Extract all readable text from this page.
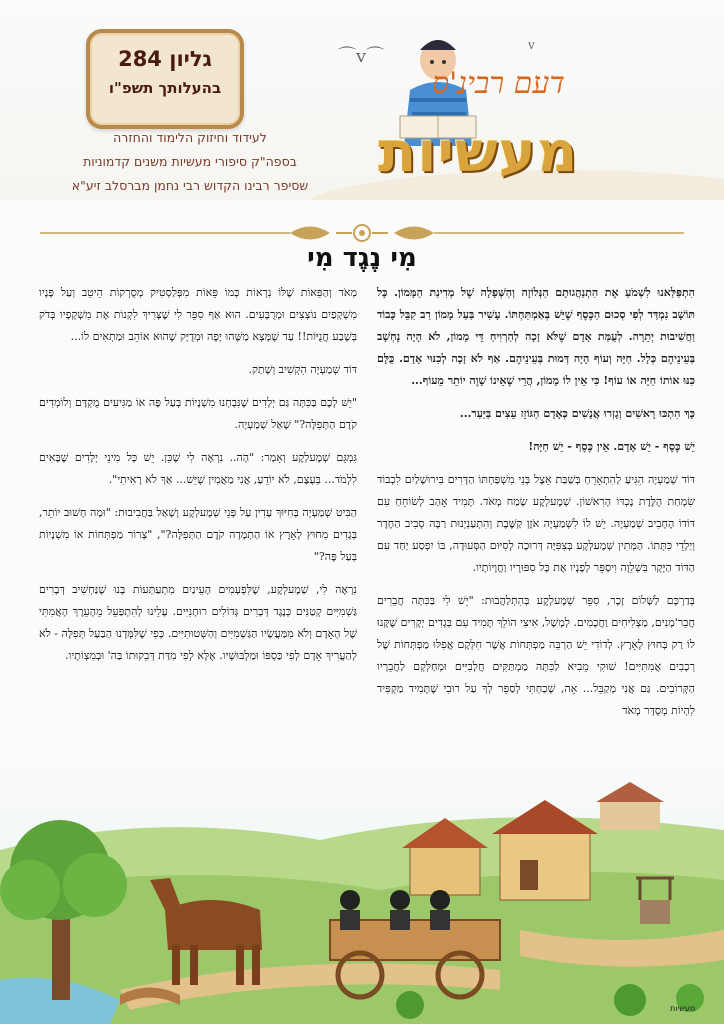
גליון 284
בהעלותך תשפ"ו
לעידוד וחיזוק הלימוד והחזרה
בספה"ק סיפורי מעשיות משנים קדמוניות
שסיפר רבינו הקדוש רבי נחמן מברסלב זיע"א
⌒v⌒
v
דעם רבינ'ס
מעשיות
מִי נֶגֶד מִי

הִתְפַּלַּאנוּ לִשְׁמֹעַ אֶת הִתְנַהֲגוּתָם הַנְּלוֹזָה וְהַשְּׁפָלָה שֶׁל מְדִינַת הַמָּמוֹן. כָּל תּוֹשָׁב נִמְדַּד לְפִי סְכוּם הַכֶּסֶף שֶׁיֵּשׁ בְּאַמְתַּחְתּוֹ. עָשִׁיר בַּעַל מָמוֹן רַב קִבֵּל כָּבוֹד וַחֲשִׁיבוּת יְתֵרָה. לְעֻמַּת אָדָם שֶׁלֹּא זָכָה לְהַרְוִיחַ דֵּי מָמוֹן, לֹא הָיָה נֶחְשָׁב בְּעֵינֵיהֶם כְּלָל. חַיָּה וְעוֹף הָיָה דְּמוּת בְּעֵינֵיהֶם. אַף לֹא זָכָה לְכִנּוּי אָדָם. כֻּלָּם כִּנּוּ אוֹתוֹ חַיָּה אוֹ עוֹף! כִּי אֵין לוֹ מָמוֹן, הֲרֵי שֶׁאֵינוֹ שָׁוֶה יוֹתֵר מֵעוֹף...

כָּךְ הִתְכּוּ רָאשִׁים וְגָזְרוּ אֲנָשִׁים כְּאָדָם הַגּוֹזֵז עֵצִים בַּיַּעַר...

יֵשׁ כֶּסֶף - יֵשׁ אָדָם. אֵין כֶּסֶף - יֵשׁ חַיָּה!

דּוֹד שְׁמַעְיָה הִגִּיעַ לְהִתְאָרֵחַ בְּשַׁבַּת אֵצֶל בְּנֵי מִשְׁפַּחְתּוֹ הַדָּרִים בִּירוּשָׁלַיִם לִכְבוֹד שִׂמְחַת הֻלֶּדֶת נֶכְדּוֹ הָרִאשׁוֹן. שְׁמֶעלְקֶע שָׂמַח מְאֹד. תָּמִיד אָהַב לְשׂוֹחֵחַ עִם דּוֹדוֹ הֶחָבִיב שְׁמַעְיָה. יֵשׁ לוֹ לִשְׁמַעְיָה אֹזֶן קַשֶּׁבֶת וְהִתְעַנְיְנוּת רַבָּה סְבִיב הַחֶדֶר וְיַלְדֵי כִּתָּתוֹ. הַמְּתִין שְׁמֶעלְקֶע בְּצִפִּיָּה דְּרוּכָה לְסִיּוּם הַסְּעוּדָה, בּוֹ יִפְסַע יַחַד עִם הַדּוֹד הַיָּקָר בִּשְׁלֵוָה וִיסַפֵּר לְפָנָיו אֶת כָּל סִפּוּרָיו וַחֲוָיוֹתָיו.

בְּדַרְכָּם לַשָּׁלוֹם זָכָר, סִפֵּר שְׁמֶעלְקֶע בְּהִתְלַהֲבוּת: "יֵשׁ לִי בַּכִּתָּה חֲבֵרִים חֲבֵר'מָנִים, מַצְלִיחִים וַחֲכָמִים. לְמָשָׁל, אִיצִי הוֹלֵךְ תָּמִיד עִם בְּגָדִים יְקָרִים שֶׁקָּנוּ לוֹ רַק בְּחוּץ לָאָרֶץ. לְדוֹדִי יֵשׁ הַרְבֵּה מַפְתְּחוֹת אֲשֶׁר חִלְּקָם אֲפִלּוּ מַפְתְּחוֹת שֶׁל רְכָבִים אֲמִתִּיִּים! שׁוּקִי מֵבִיא לַכִּתָּה מַמְתַּקִּים חֲלָבִיִּים וּמְחַלְּקָם לַחֲבֵרָיו הַקְּרוֹבִים. גַּם אֲנִי מְקַבֵּל... אָה, שָׁכַחְתִּי לְסַפֵּר לְךָ עַל רוּבִי שֶׁתָּמִיד מַקְפִּיד לִהְיוֹת מְסֻדָּר מְאֹד

מְאֹד וְהַפֵּאוֹת שֶׁלּוֹ נִרְאוֹת כְּמוֹ פֵּאוֹת מִפְּלַסְטִיק מְסֻרְקוֹת הֵיטֵב וְעַל פָּנָיו מִשְׁקָפַיִם נוֹצְצִים וּמְרֻבָּעִים. הוּא אַף סִפֵּר לִי שֶׁצָּרִיךְ לִקְנוֹת אֶת מִשְׁקָפָיו בְּדֹק בְּשֶׁבַע חֲנֻיּוֹת!! עַד שֶׁמָּצָא מַשֶּׁהוּ יָפֶה וּמְדֻיָּק שֶׁהוּא אוֹהֵב וּמַתְאִים לוֹ...

דּוֹד שְׁמַעְיָה הִקְשִׁיב וְשָׁתַק.

"יֵשׁ לָכֶם בַּכִּתָּה גַּם יְלָדִים שֶׁנִּבְחָנוּ מִשְׁנָיוֹת בְּעַל פֶּה אוֹ מַגִּיעִים מֻקְדָּם וְלוֹמְדִים קֹדֶם הַתְּפִלָּה?" שָׁאַל שְׁמַעְיָה.

גִּמְגֵּם שְׁמֶעלְקֶע וְאָמַר: "הָה.. נִרְאֶה לִי שֶׁכֵּן. יֵשׁ כָּל מִינֵי יְלָדִים שֶׁבָּאִים לִלְמֹד... בְּעֶצֶם, לֹא יוֹדֵעַ, אֲנִי מַאֲמִין שֶׁיֵּשׁ... אַךְ לֹא רָאִיתִי".

הַבִּיט שְׁמַעְיָה בְּחִיּוּךְ עָדִין עַל פְּנֵי שְׁמֶעלְקֶע וְשָׁאַל בַּחֲבִיבוּת: "וּמָה חָשׁוּב יוֹתֵר, בְּגָדִים מִחוּץ לָאָרֶץ אוֹ הַתְמָדָה קֹדֶם הַתְּפִלָּה?", "צְרוֹר מַפְתְּחוֹת אוֹ מִשְׁנָיוֹת בְּעַל פֶּה?"

נִרְאֶה לִי, שְׁמֶעלְקֶע, שֶׁלִּפְעָמִים הָעֵינַיִם מִתְעַתְּעוֹת בָּנוּ שֶׁנַּחְשִׁיב דְּבָרִים גַּשְׁמִיִּים קְטַנִּים כְּנֶגֶד דְּבָרִים גְּדוֹלִים רוּחָנִיִּים. עָלֵינוּ לְהִתְפַּעֵל מֵהָעֵרֶךְ הָאֲמִתִּי שֶׁל הָאָדָם וְלֹא מִמַּעֲשָׂיו הַגַּשְׁמִיִּים וְהַשְּׁטוּתִיִּים. כְּפִי שֶׁלִּמְּדָנוּ הַבַּעַל תְּפִלָּה - לֹא לְהַעֲרִיךְ אָדָם לְפִי כַּסְפּוֹ וּמַלְבּוּשָׁיו. אֶלָּא לְפִי מִדַּת דְּבֵקוּתוֹ בַּה' וּבְמִצְוֹתָיו.

מעשיות
